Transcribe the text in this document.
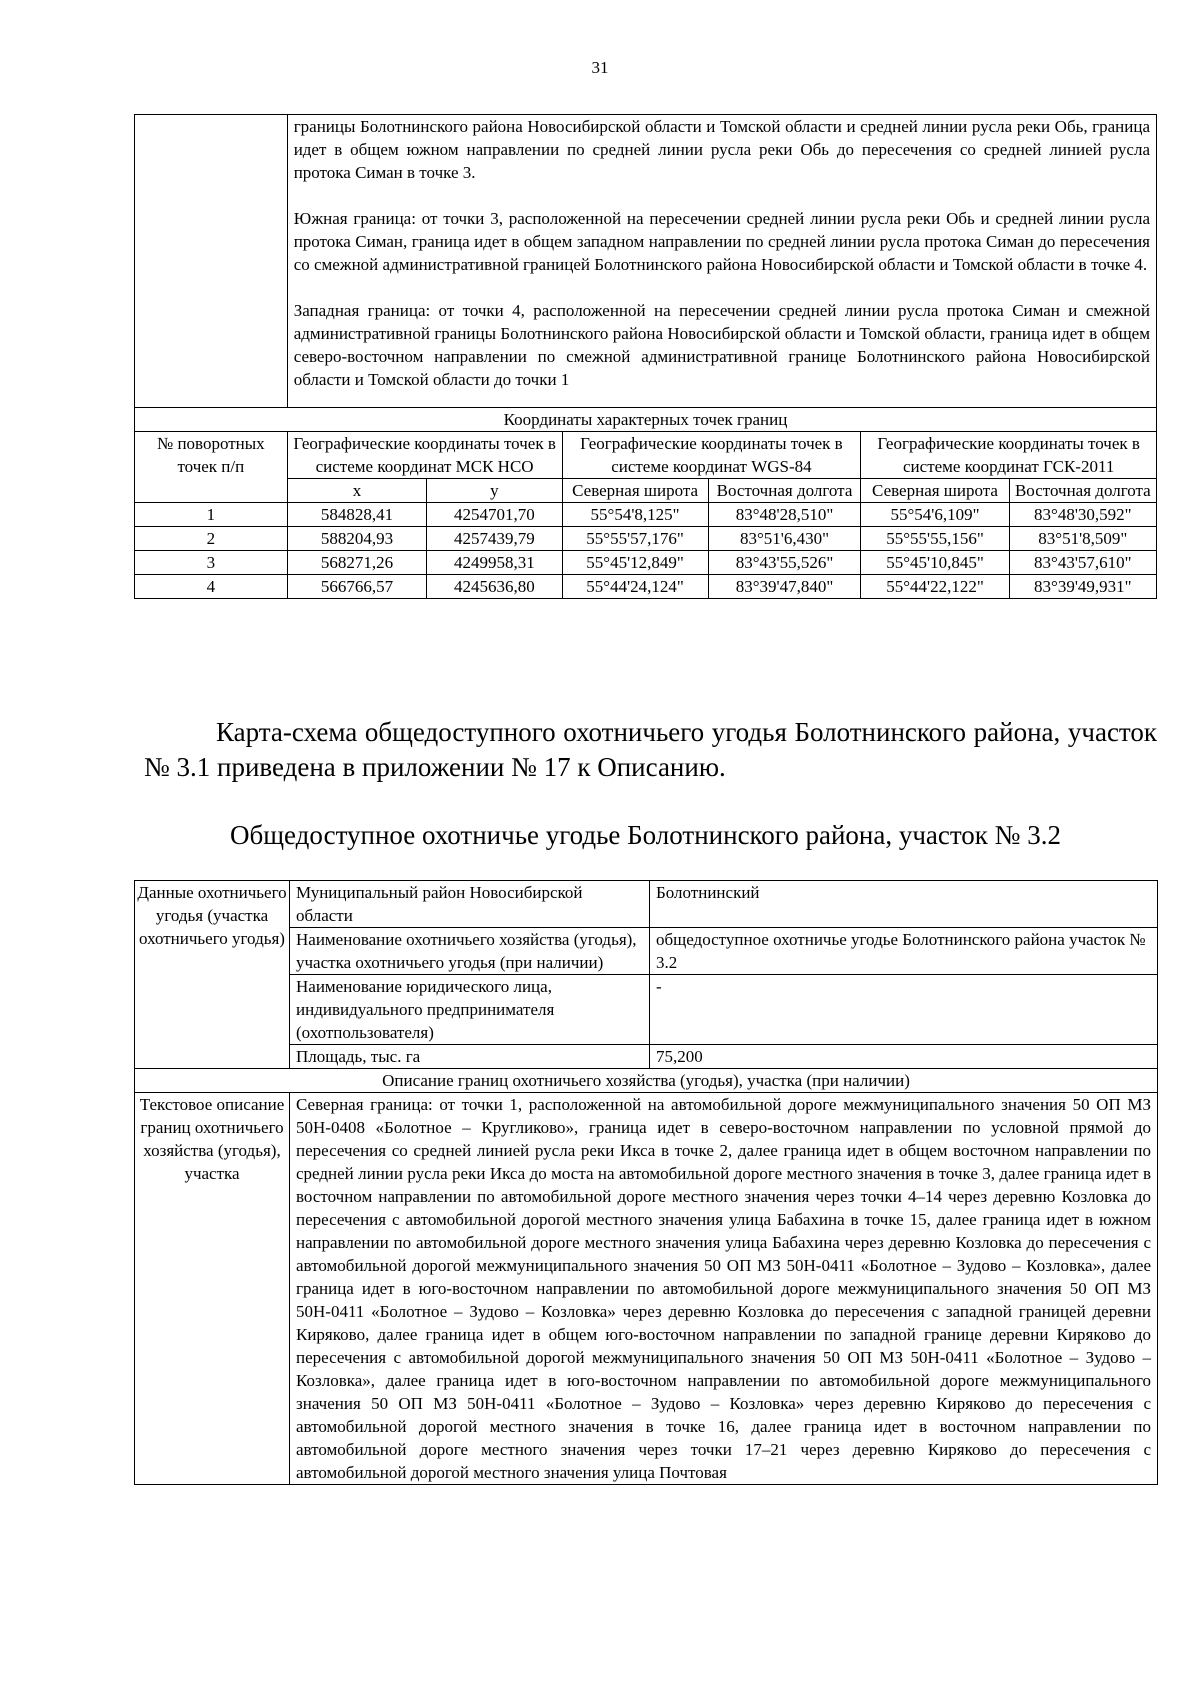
31

	границы Болотнинского района Новосибирской области и Томской области и средней линии русла реки Обь, граница идет в общем южном направлении по средней линии русла реки Обь до пересечения со средней линией русла протока Симан в точке 3.

Южная граница: от точки 3, расположенной на пересечении средней линии русла реки Обь и средней линии русла протока Симан, граница идет в общем западном направлении по средней линии русла протока Симан до пересечения со смежной административной границей Болотнинского района Новосибирской области и Томской области в точке 4.

Западная граница: от точки 4, расположенной на пересечении средней линии русла протока Симан и смежной административной границы Болотнинского района Новосибирской области и Томской области, граница идет в общем северо-восточном направлении по смежной административной границе Болотнинского района Новосибирской области и Томской области до точки 1					

Координаты характерных точек границ						
№ поворотных точек п/п	Географические координаты точек в системе координат МСК НСО		Географические координаты точек в системе координат WGS-84		Географические координаты точек в системе координат ГСК-2011	
	x	y	Северная широта	Восточная долгота	Северная широта	Восточная долгота
1	584828,41	4254701,70	55°54'8,125"	83°48'28,510"	55°54'6,109"	83°48'30,592"
2	588204,93	4257439,79	55°55'57,176"	83°51'6,430"	55°55'55,156"	83°51'8,509"
3	568271,26	4249958,31	55°45'12,849"	83°43'55,526"	55°45'10,845"	83°43'57,610"
4	566766,57	4245636,80	55°44'24,124"	83°39'47,840"	55°44'22,122"	83°39'49,931"
Карта-схема общедоступного охотничьего угодья Болотнинского района, участок № 3.1 приведена в приложении № 17 к Описанию.
Общедоступное охотничье угодье Болотнинского района, участок № 3.2
Данные охотничьего угодья (участка охотничьего угодья)	Муниципальный район Новосибирской области	Болотнинский
	Наименование охотничьего хозяйства (угодья), участка охотничьего угодья (при наличии)	общедоступное охотничье угодье Болотнинского района участок № 3.2
	Наименование юридического лица, индивидуального предпринимателя (охотпользователя)	-
	Площадь, тыс. га	75,200
Описание границ охотничьего хозяйства (угодья), участка (при наличии)		
Текстовое описание границ охотничьего хозяйства (угодья), участка	Северная граница: от точки 1, расположенной на автомобильной дороге межмуниципального значения 50 ОП МЗ 50Н-0408 «Болотное – Кругликово», граница идет в северо-восточном направлении по условной прямой до пересечения со средней линией русла реки Икса в точке 2, далее граница идет в общем восточном направлении по средней линии русла реки Икса до моста на автомобильной дороге местного значения в точке 3, далее граница идет в восточном направлении по автомобильной дороге местного значения через точки 4–14 через деревню Козловка до пересечения с автомобильной дорогой местного значения улица Бабахина в точке 15, далее граница идет в южном направлении по автомобильной дороге местного значения улица Бабахина через деревню Козловка до пересечения с автомобильной дорогой межмуниципального значения 50 ОП МЗ 50Н-0411 «Болотное – Зудово – Козловка», далее граница идет в юго-восточном направлении по автомобильной дороге межмуниципального значения 50 ОП МЗ 50Н-0411 «Болотное – Зудово – Козловка» через деревню Козловка до пересечения с западной границей деревни Киряково, далее граница идет в общем юго-восточном направлении по западной границе деревни Киряково до пересечения с автомобильной дорогой межмуниципального значения 50 ОП МЗ 50Н-0411 «Болотное – Зудово – Козловка», далее граница идет в юго-восточном направлении по автомобильной дороге межмуниципального значения 50 ОП МЗ 50Н-0411 «Болотное – Зудово – Козловка» через деревню Киряково до пересечения с автомобильной дорогой местного значения в точке 16, далее граница идет в восточном направлении по автомобильной дороге местного значения через точки 17–21 через деревню Киряково до пересечения с автомобильной дорогой местного значения улица Почтовая	
